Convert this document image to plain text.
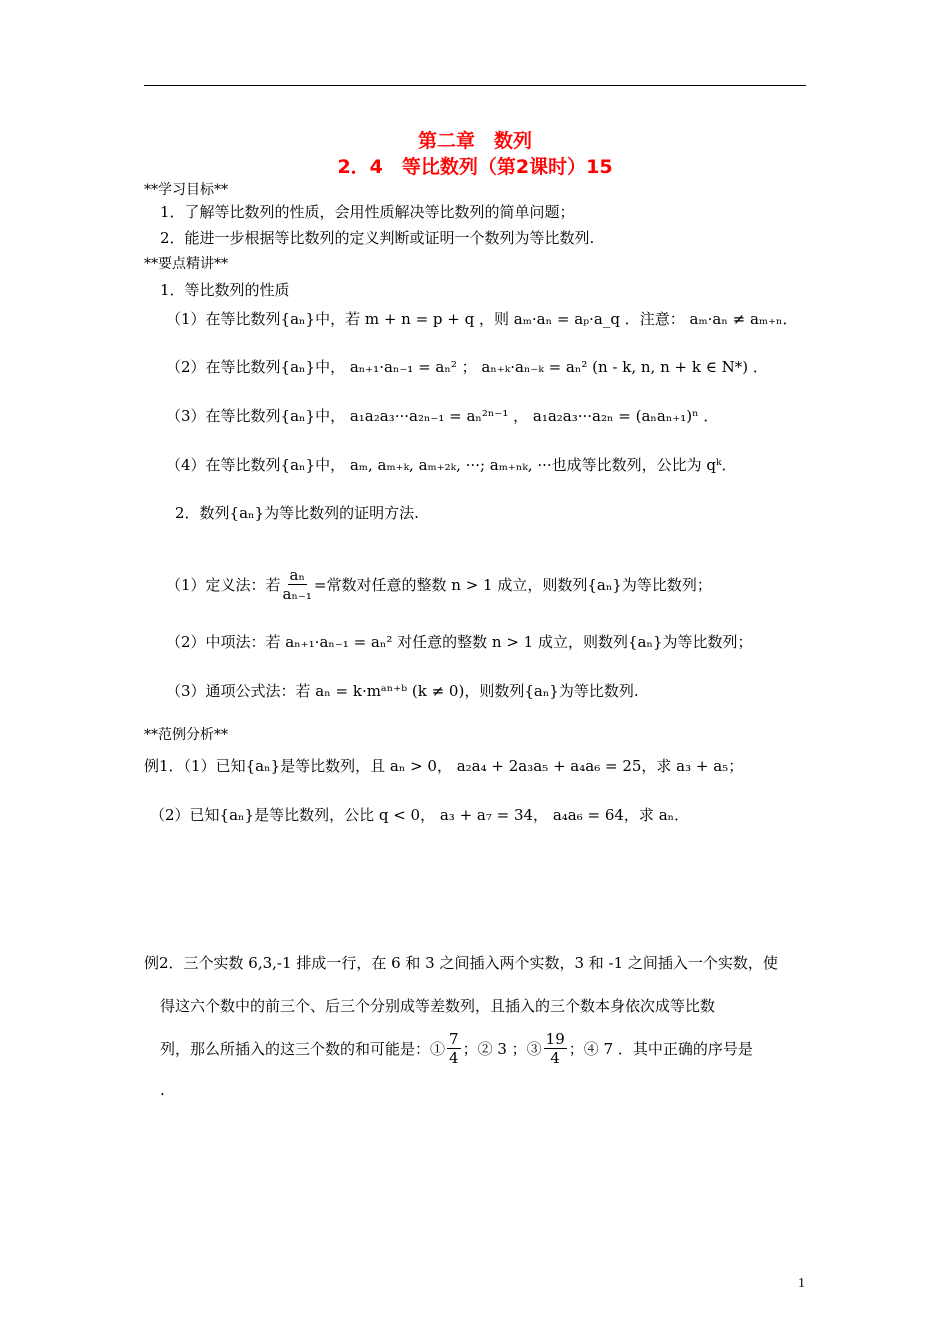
第二章　数列
2．4　等比数列（第2课时）15
**学习目标**
1．了解等比数列的性质，会用性质解决等比数列的简单问题；
2．能进一步根据等比数列的定义判断或证明一个数列为等比数列.
**要点精讲**
1．等比数列的性质
（1）在等比数列{aₙ}中，若 m + n = p + q ，则 aₘ·aₙ = aₚ·a_q ．注意： aₘ·aₙ ≠ aₘ₊ₙ．
（2）在等比数列{aₙ}中， aₙ₊₁·aₙ₋₁ = aₙ² ； aₙ₊ₖ·aₙ₋ₖ = aₙ² (n - k, n, n + k ∈ N*) ．
（3）在等比数列{aₙ}中， a₁a₂a₃···a₂ₙ₋₁ = aₙ²ⁿ⁻¹ ， a₁a₂a₃···a₂ₙ = (aₙaₙ₊₁)ⁿ ．
（4）在等比数列{aₙ}中， aₘ, aₘ₊ₖ, aₘ₊₂ₖ, ···; aₘ₊ₙₖ, ···也成等比数列，公比为 qᵏ．
2．数列{aₙ}为等比数列的证明方法.
（1）定义法：若 $\frac{\text{aₙ}}{\text{aₙ₋₁}}$ =常数对任意的整数 n > 1 成立，则数列{aₙ}为等比数列；
（2）中项法：若 aₙ₊₁·aₙ₋₁ = aₙ² 对任意的整数 n > 1 成立，则数列{aₙ}为等比数列；
（3）通项公式法：若 aₙ = k·mᵃⁿ⁺ᵇ (k ≠ 0)，则数列{aₙ}为等比数列.
**范例分析**
例1．（1）已知{aₙ}是等比数列，且 aₙ > 0， a₂a₄ + 2a₃a₅ + a₄a₆ = 25，求 a₃ + a₅；
（2）已知{aₙ}是等比数列，公比 q < 0， a₃ + a₇ = 34， a₄a₆ = 64，求 aₙ．
例2．三个实数 6,3,-1 排成一行，在 6 和 3 之间插入两个实数，3 和 -1 之间插入一个实数，使
得这六个数中的前三个、后三个分别成等差数列，且插入的三个数本身依次成等比数
列，那么所插入的这三个数的和可能是：① $\frac{7}{4}$ ；② 3 ；③ $\frac{19}{4}$ ；④ 7 ．其中正确的序号是
.
1
